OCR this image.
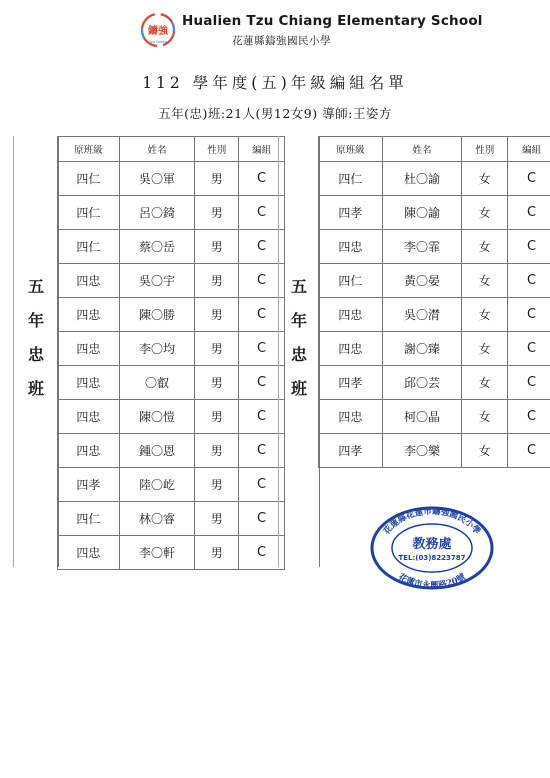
鑄強
Tzu Chiang
Hualien Tzu Chiang Elementary School
花蓮縣鑄強國民小學
112 學年度(五)年級編組名單
五年(忠)班:21人(男12女9) 導師:王姿方
五
年
忠
班
原班級	姓名	性別	編組
四仁	吳〇軍	男	C
四仁	呂〇錡	男	C
四仁	蔡〇岳	男	C
四忠	吳〇宇	男	C
四忠	陳〇勝	男	C
四忠	李〇均	男	C
四忠	〇叡	男	C
四忠	陳〇愷	男	C
四忠	鍾〇恩	男	C
四孝	陸〇屹	男	C
四仁	林〇睿	男	C
四忠	李〇軒	男	C
五
年
忠
班
原班級	姓名	性別	編組
四仁	杜〇諭	女	C
四孝	陳〇諭	女	C
四忠	李〇霏	女	C
四仁	黃〇晏	女	C
四忠	吳〇潸	女	C
四忠	謝〇臻	女	C
四孝	邱〇芸	女	C
四忠	柯〇晶	女	C
四孝	李〇樂	女	C
花蓮縣花蓮市鑄強國民小學
教務處
TEL:(03)8223787
花蓮市永興路20號
